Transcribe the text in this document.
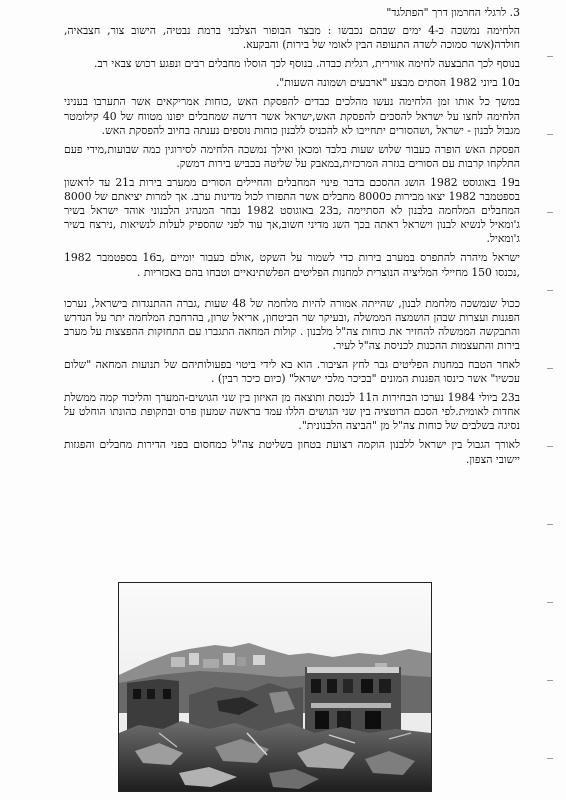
3. לרגלי החרמון דרך "הפתלגד"

הלחימה נמשכה כ-4 ימים שבהם נכבשו : מבצר הבופור הצלבני ברמת נבטיה, הישוב צור, חצבאיה, חולדה(אשר סמוכה לשדה התעופה הבין לאומי של בירות) והבקעא.

בנוסף לכך התבצעה לחימה אווירית, רגלית כבדה. בנוסף לכך הוסלו מחבלים רבים ונפגע רכוש צבאי רב.

ב10 ביוני 1982 הסתים מבצע "ארבעים ושמונה השעות".

במשך כל אותו זמן הלחימה נעשו מהלכים כבדים להפסקת האש ,כוחות אמריקאים אשר התערבו בעניני הלחימה לחצו על ישראל להסכים להפסקת האש,ישראל אשר דרשה שמחבלים יפונו מטווח של 40 קילומטר מגבול לבנון - ישראל ,ושהסורים יתחייבו לא להכניס ללבנון כוחות נוספים נענתה בחיוב להפסקת האש.

הפסקת האש הופרה כעבור שלוש שעות בלבד ומכאן ואילך נמשכה הלחימה לסירוגין כמה שבועות,מידי פעם התלקחו קרבות עם הסורים בגזרה המרכזית,במאבק על שליטה בכביש בירות דמשק.

ב19 באוגוסט 1982 הושג ההסכם בדבר פינוי המחבלים והחיילים הסורים ממערב בירות ב21 עד לראשון בספטמבר 1982 יצאו מבירות כ8000 מחבלים אשר התפזרו לכול מדינות ערב. אך למרות יציאתם של 8000 המחבלים המלחמה בלבנון לא הסתיימה ,ב23 באוגוסט 1982 נבחר המנהיג הלבנוני אוהד ישראל בשיר ג'ומאיל לנשיא לבנון וישראל ראתה בכך השג מדיני חשוב,אך עוד לפני שהספיק לעלות לנשיאות ,נירצח בשיר ג'ומאיל.

ישראל מיהרה להתפרס במערב בירות כדי לשמור על השקט ,אולם כעבור יומיים ,ב16 בספטמבר 1982 ,נכנסו 150 מחיילי המליציה הנוצרית למחנות הפליטים הפלשתינאיים וטבחו בהם באכזריות .

ככול שנמשכה מלחמת לבנון, שהייתה אמורה להיות מלחמה של 48 שעות ,גברה ההתנגדות בישראל, נערכו הפגנות ועצרות שבהן הושמצה הממשלה ,ובעיקר שר הביטחון, אריאל שרון, בהרחבת המלחמה יתר על הנדרש והתבקשה הממשלה להחזיר את כוחות צה"ל מלבנון . קולות המחאה התגברו עם התחזקות ההפצצות על מערב בירות והתעצמות ההכנות לכניסת צה"ל לעיר.

לאחר הטבח במחנות הפליטים גבר לחץ הציבור. הוא בא לידי ביטוי בפעולותיהם של תנועות המחאה "שלום עכשיו" אשר כינסו הפגנות המונים "בכיכר מלכי ישראל" (כיום כיכר רבין) .

ב23 ביולי 1984 נערכו הבחירות ה11 לכנסת ותוצאה מן האיזון בין שני הגושים-המערך והליכוד קמה ממשלת אחדות לאומית.לפי הסכם הרוטציה בין שני הגושים הללו עמד בראשה שמעון פרס ובתקופת כהונתו הוחלט על נסיגה בשלבים של כוחות צה"ל מן "הביצה הלבנונית".

לאורך הגבול בין ישראל ללבנון הוקמה רצועת בטחון בשליטת צה"ל כמחסום בפני הדירות מחבלים והפגזות יישובי הצפון.
